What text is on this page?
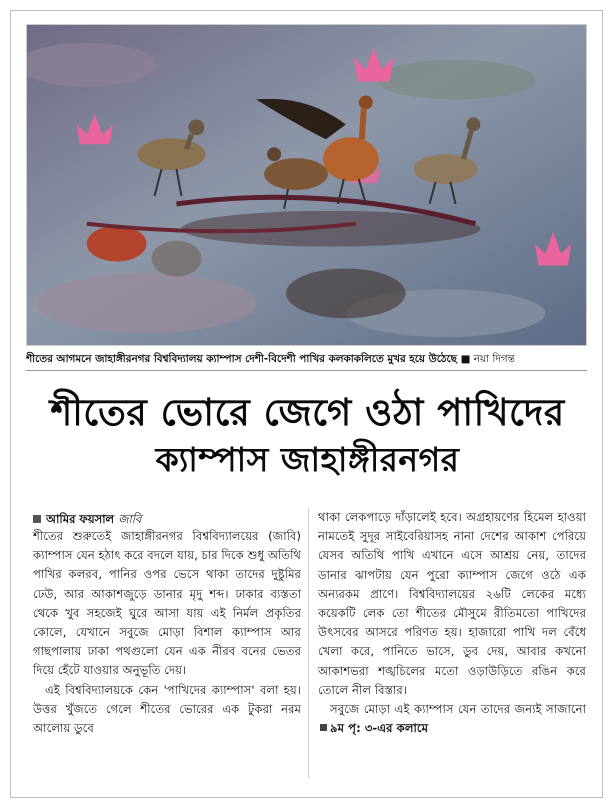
শীতের আগমনে জাহাঙ্গীরনগর বিশ্ববিদ্যালয় ক্যাম্পাস দেশী-বিদেশী পাখির কলকাকলিতে মুখর হয়ে উঠেছে ■ নয়া দিগন্ত
শীতের ভোরে জেগে ওঠা পাখিদের
ক্যাম্পাস জাহাঙ্গীরনগর
আমির ফয়সাল জাবি

শীতের শুরুতেই জাহাঙ্গীরনগর বিশ্ববিদ্যালয়ের (জাবি) ক্যাম্পাস যেন হঠাৎ করে বদলে যায়, চার দিকে শুধু অতিথি পাখির কলরব, পানির ওপর ভেসে থাকা তাদের দুষ্টুমির ঢেউ, আর আকাশজুড়ে ডানার মৃদু শব্দ। ঢাকার ব্যস্ততা থেকে খুব সহজেই ঘুরে আসা যায় এই নির্মল প্রকৃতির কোলে, যেখানে সবুজে মোড়া বিশাল ক্যাম্পাস আর গাছপালায় ঢাকা পথগুলো যেন এক নীরব বনের ভেতর দিয়ে হেঁটে যাওয়ার অনুভূতি দেয়।

এই বিশ্ববিদ্যালয়কে কেন 'পাখিদের ক্যাম্পাস' বলা হয়। উত্তর খুঁজতে গেলে শীতের ভোরের এক টুকরা নরম আলোয় ডুবে

থাকা লেকপাড়ে দাঁড়ালেই হবে। অগ্রহায়ণের হিমেল হাওয়া নামতেই সুদূর সাইবেরিয়াসহ নানা দেশের আকাশ পেরিয়ে যেসব অতিথি পাখি এখানে এসে আশ্রয় নেয়, তাদের ডানার ঝাপটায় যেন পুরো ক্যাম্পাস জেগে ওঠে এক অন্যরকম প্রাণে। বিশ্ববিদ্যালয়ের ২৬টি লেকের মধ্যে কয়েকটি লেক তো শীতের মৌসুমে রীতিমতো পাখিদের উৎসবের আসরে পরিণত হয়। হাজারো পাখি দল বেঁধে খেলা করে, পানিতে ভাসে, ডুব দেয়, আবার কখনো আকাশভরা শঙ্খচিলের মতো ওড়াউড়িতে রঙিন করে তোলে নীল বিস্তার।

সবুজে মোড়া এই ক্যাম্পাস যেন তাদের জন্যই সাজানো ৯ম পৃ: ৩-এর কলামে
